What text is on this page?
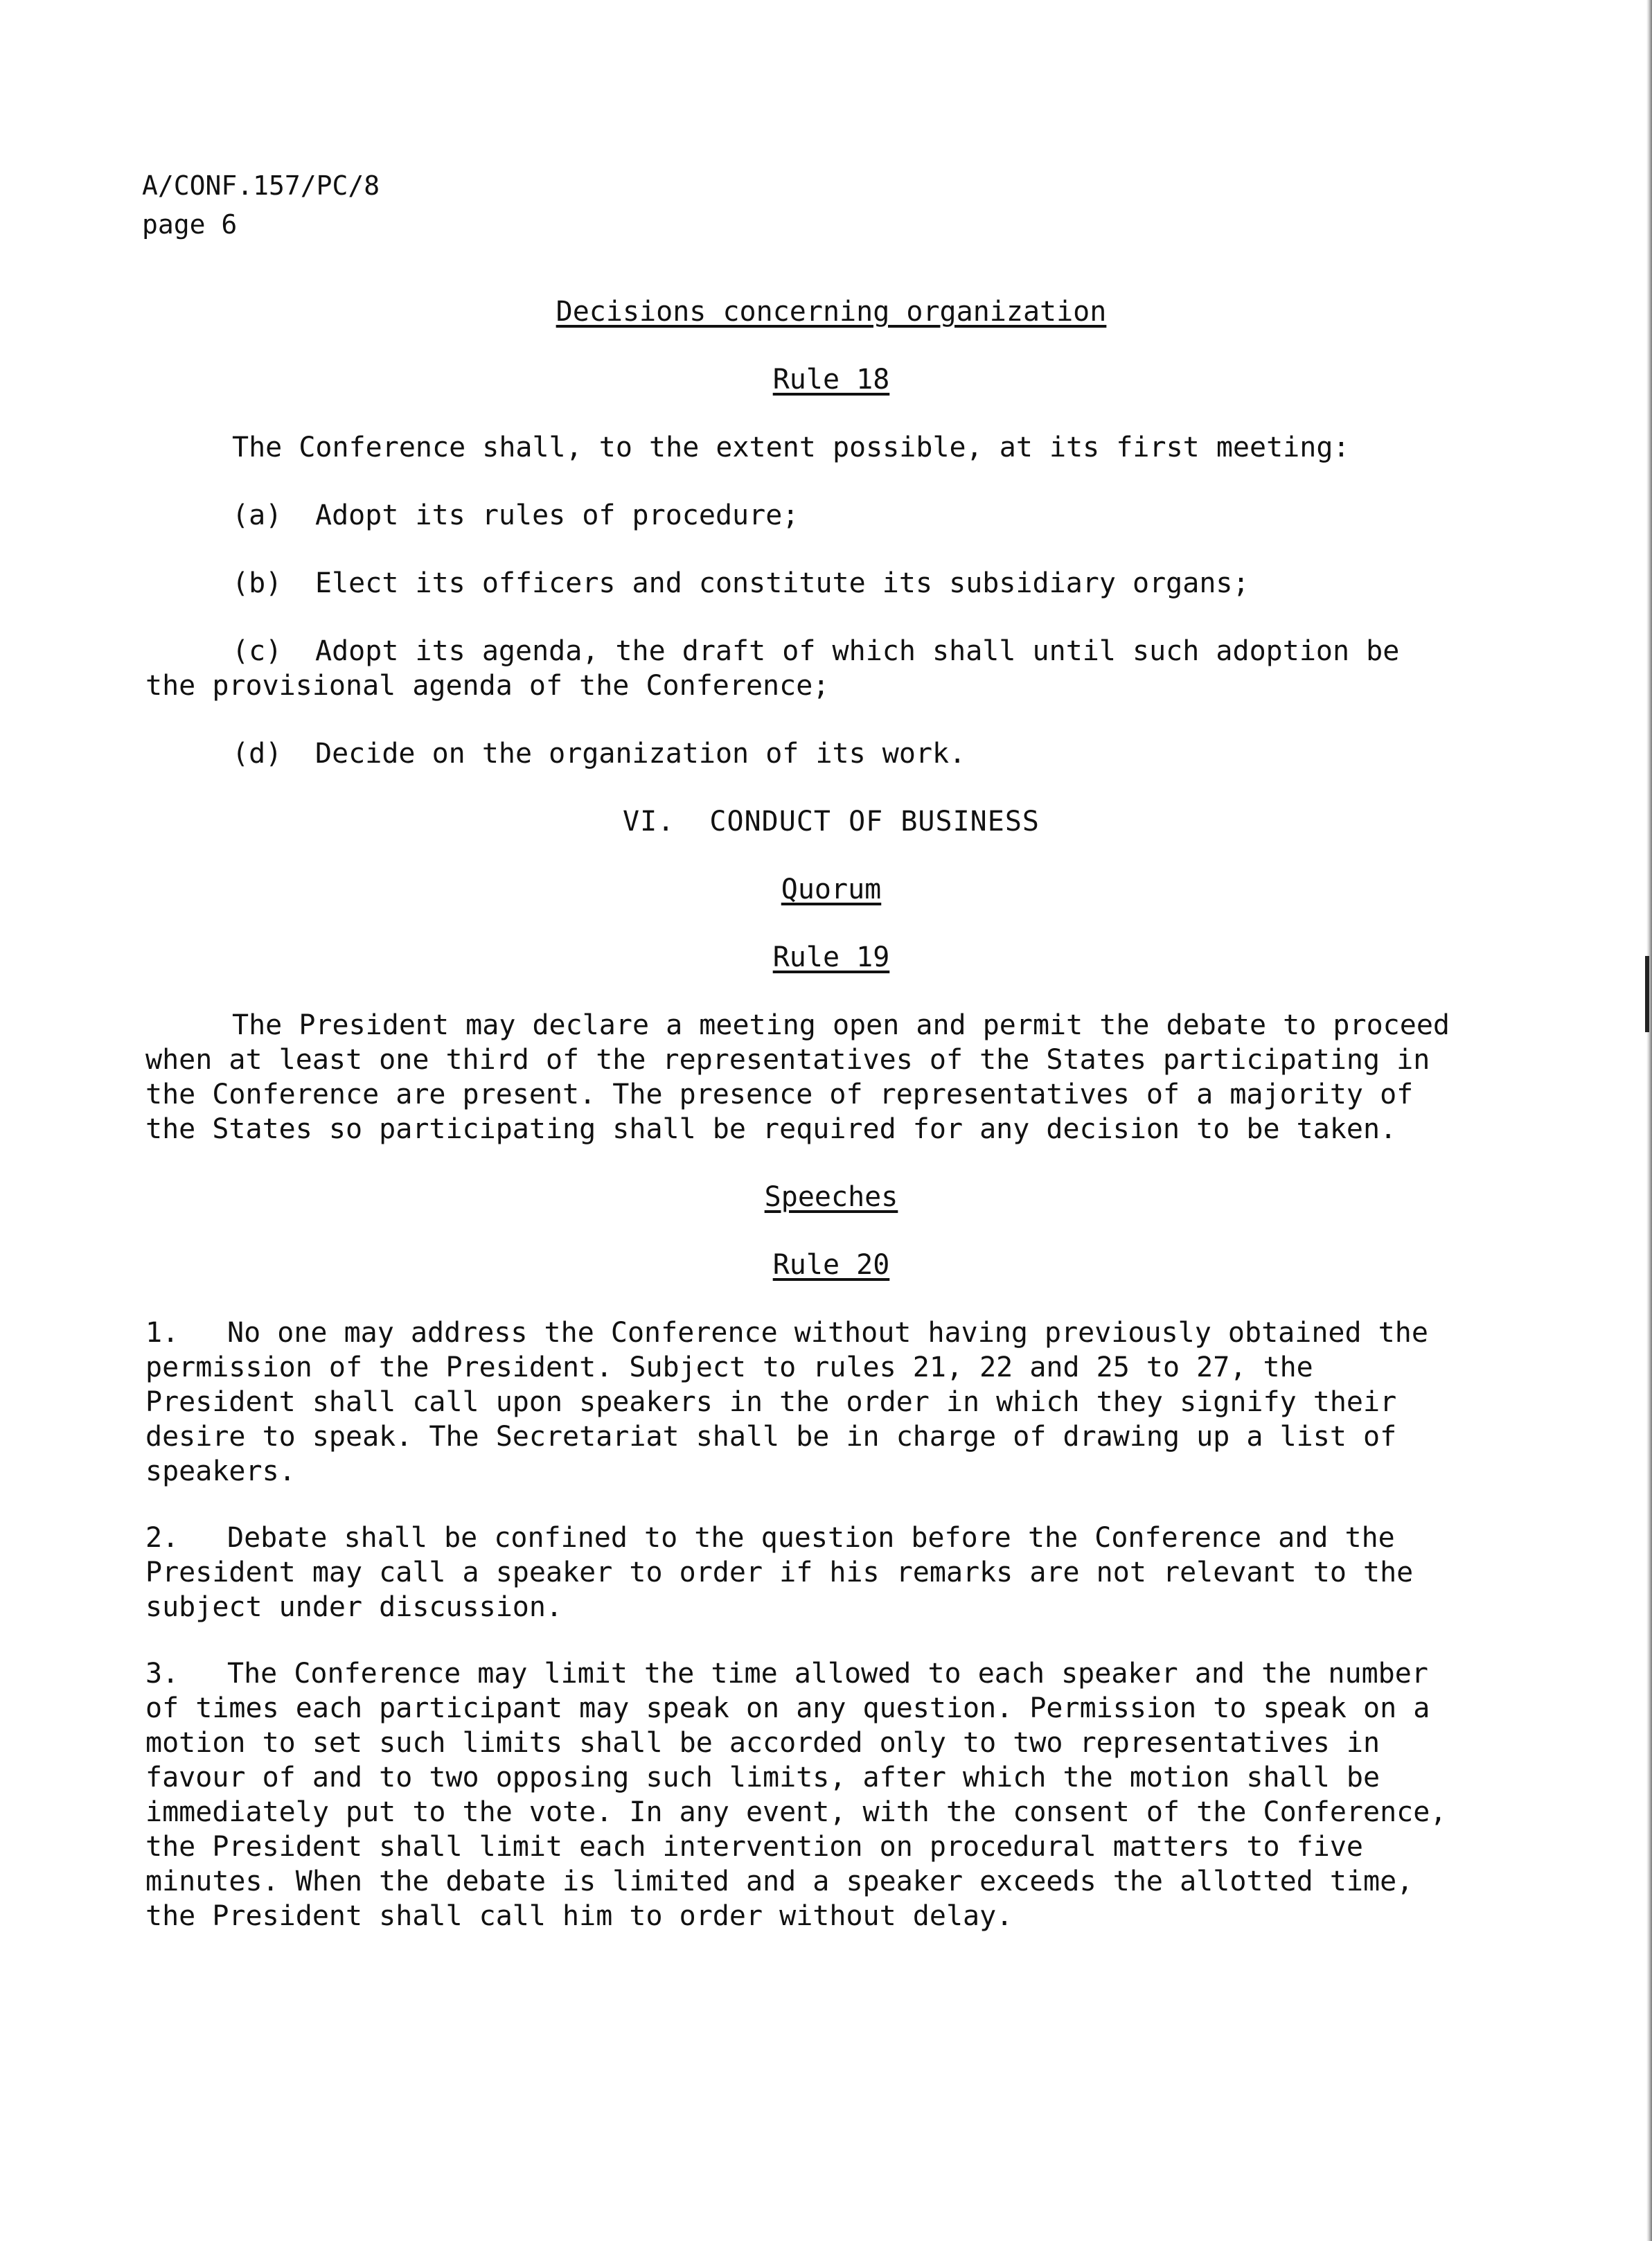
A/CONF.157/PC/8
page 6
Decisions concerning organization
Rule 18
The Conference shall, to the extent possible, at its first meeting:
(a) Adopt its rules of procedure;
(b) Elect its officers and constitute its subsidiary organs;
(c) Adopt its agenda, the draft of which shall until such adoption be the provisional agenda of the Conference;
(d) Decide on the organization of its work.
VI.  CONDUCT OF BUSINESS
Quorum
Rule 19
The President may declare a meeting open and permit the debate to proceed when at least one third of the representatives of the States participating in the Conference are present. The presence of representatives of a majority of the States so participating shall be required for any decision to be taken.
Speeches
Rule 20
1. No one may address the Conference without having previously obtained the permission of the President. Subject to rules 21, 22 and 25 to 27, the President shall call upon speakers in the order in which they signify their desire to speak. The Secretariat shall be in charge of drawing up a list of speakers.
2. Debate shall be confined to the question before the Conference and the President may call a speaker to order if his remarks are not relevant to the subject under discussion.
3. The Conference may limit the time allowed to each speaker and the number of times each participant may speak on any question. Permission to speak on a motion to set such limits shall be accorded only to two representatives in favour of and to two opposing such limits, after which the motion shall be immediately put to the vote. In any event, with the consent of the Conference, the President shall limit each intervention on procedural matters to five minutes. When the debate is limited and a speaker exceeds the allotted time, the President shall call him to order without delay.
